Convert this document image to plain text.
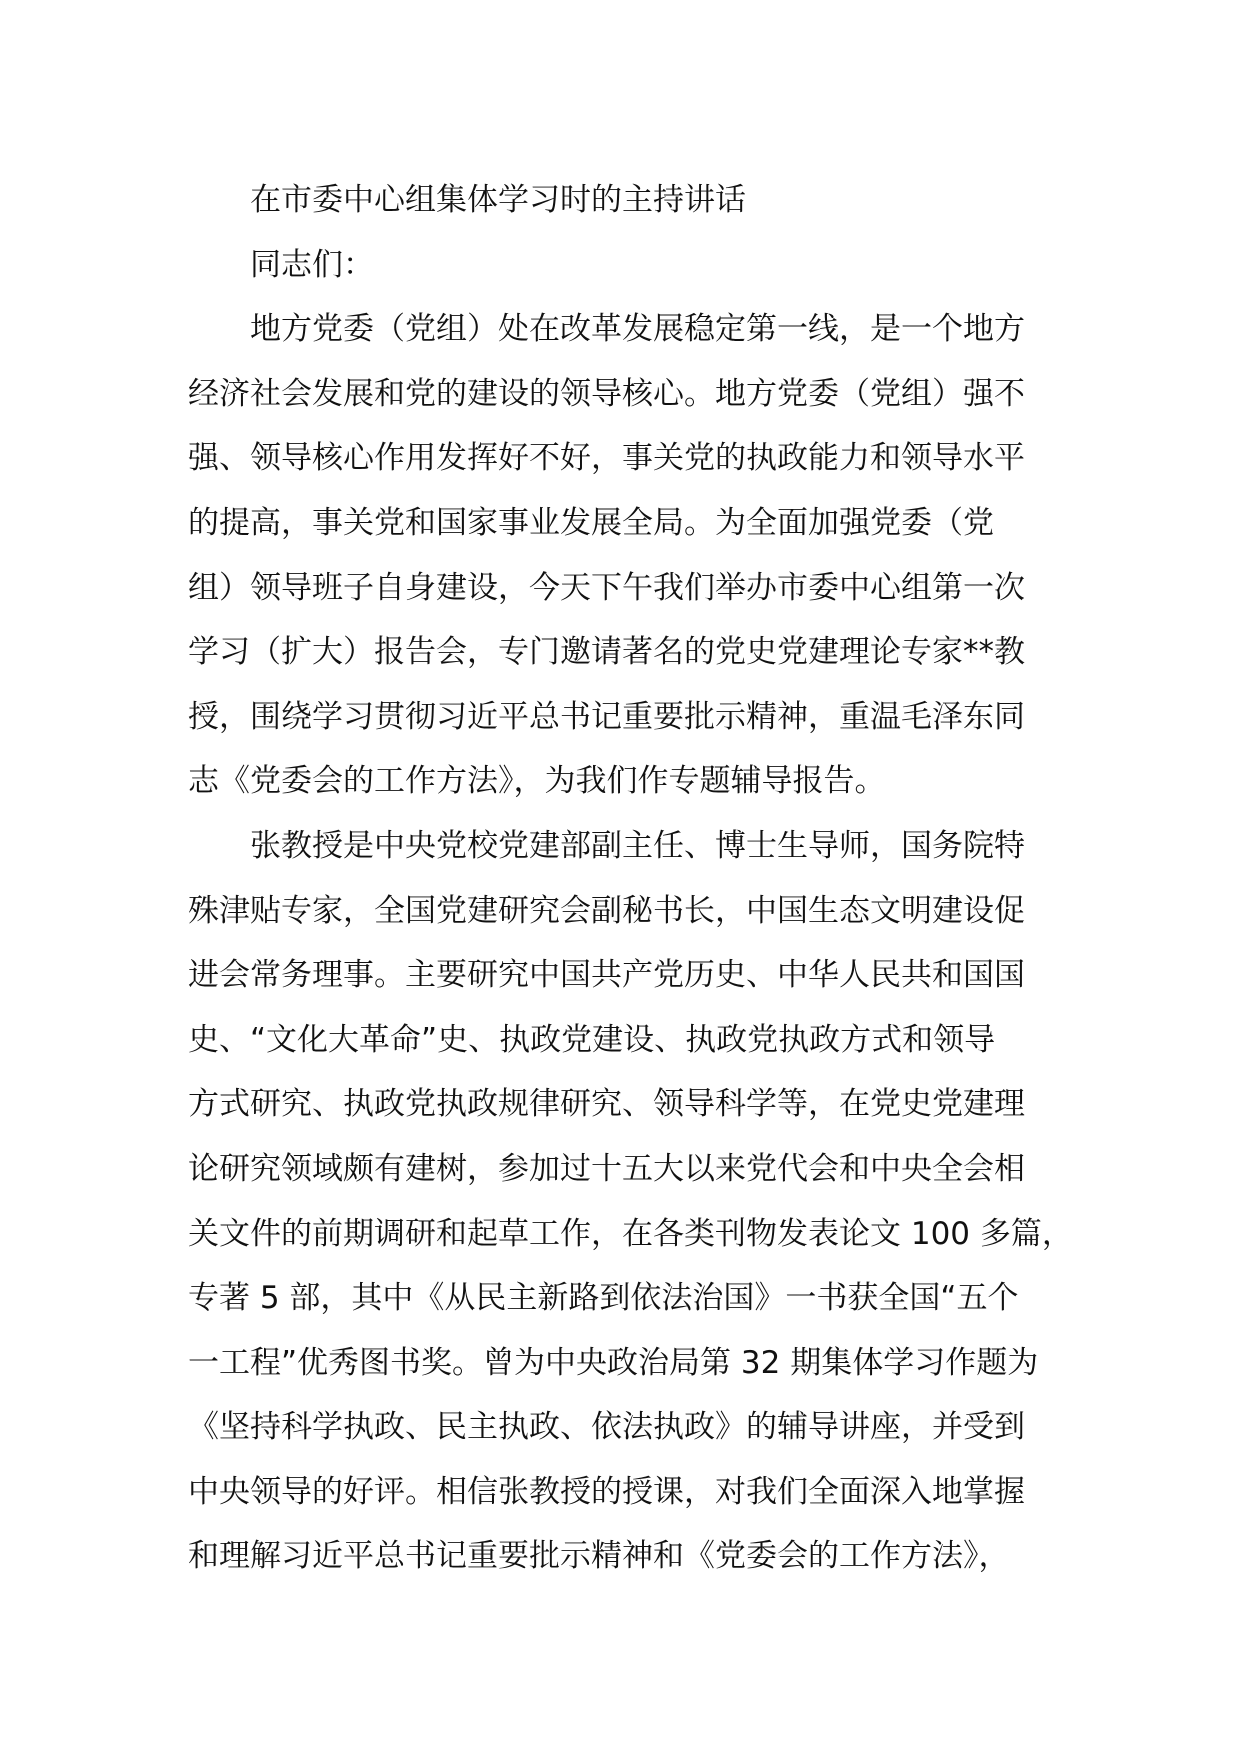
在市委中心组集体学习时的主持讲话
同志们：
地方党委（党组）处在改革发展稳定第一线，是一个地方
经济社会发展和党的建设的领导核心。地方党委（党组）强不
强、领导核心作用发挥好不好，事关党的执政能力和领导水平
的提高，事关党和国家事业发展全局。为全面加强党委（党
组）领导班子自身建设，今天下午我们举办市委中心组第一次
学习（扩大）报告会，专门邀请著名的党史党建理论专家**教
授，围绕学习贯彻习近平总书记重要批示精神，重温毛泽东同
志《党委会的工作方法》，为我们作专题辅导报告。
张教授是中央党校党建部副主任、博士生导师，国务院特
殊津贴专家，全国党建研究会副秘书长，中国生态文明建设促
进会常务理事。主要研究中国共产党历史、中华人民共和国国
史、“文化大革命”史、执政党建设、执政党执政方式和领导
方式研究、执政党执政规律研究、领导科学等，在党史党建理
论研究领域颇有建树，参加过十五大以来党代会和中央全会相
关文件的前期调研和起草工作，在各类刊物发表论文 100 多篇，
专著 5 部，其中《从民主新路到依法治国》一书获全国“五个
一工程”优秀图书奖。曾为中央政治局第 32 期集体学习作题为
《坚持科学执政、民主执政、依法执政》的辅导讲座，并受到
中央领导的好评。相信张教授的授课，对我们全面深入地掌握
和理解习近平总书记重要批示精神和《党委会的工作方法》，
